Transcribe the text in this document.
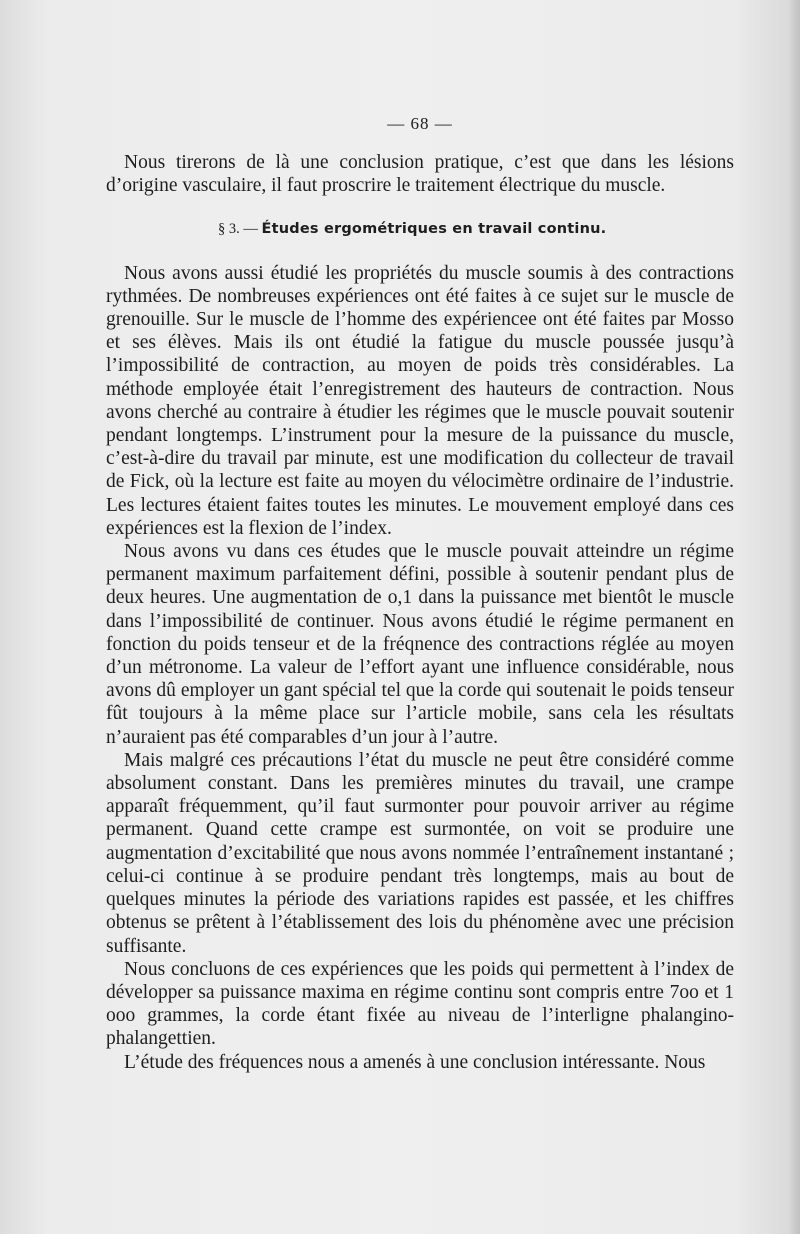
— 68 —

Nous tirerons de là une conclusion pratique, c’est que dans les lésions d’origine vasculaire, il faut proscrire le traitement électrique du muscle.

§ 3. — Études ergométriques en travail continu.

Nous avons aussi étudié les propriétés du muscle soumis à des contractions rythmées. De nombreuses expériences ont été faites à ce sujet sur le muscle de grenouille. Sur le muscle de l’homme des expériencee ont été faites par Mosso et ses élèves. Mais ils ont étudié la fatigue du muscle poussée jusqu’à l’impossibilité de contraction, au moyen de poids très considérables. La méthode employée était l’enregistrement des hauteurs de contraction. Nous avons cherché au contraire à étudier les régimes que le muscle pouvait soutenir pendant longtemps. L’instrument pour la mesure de la puissance du muscle, c’est-à-dire du travail par minute, est une modification du collecteur de travail de Fick, où la lecture est faite au moyen du vélocimètre ordinaire de l’industrie. Les lectures étaient faites toutes les minutes. Le mouvement employé dans ces expériences est la flexion de l’index.

Nous avons vu dans ces études que le muscle pouvait atteindre un régime permanent maximum parfaitement défini, possible à soutenir pendant plus de deux heures. Une augmentation de o,1 dans la puissance met bientôt le muscle dans l’impossibilité de continuer. Nous avons étudié le régime permanent en fonction du poids tenseur et de la fréqnence des contractions réglée au moyen d’un métronome. La valeur de l’effort ayant une influence considérable, nous avons dû employer un gant spécial tel que la corde qui soutenait le poids tenseur fût toujours à la même place sur l’article mobile, sans cela les résultats n’auraient pas été comparables d’un jour à l’autre.

Mais malgré ces précautions l’état du muscle ne peut être considéré comme absolument constant. Dans les premières minutes du travail, une crampe apparaît fréquemment, qu’il faut surmonter pour pouvoir arriver au régime permanent. Quand cette crampe est surmontée, on voit se produire une augmentation d’excitabilité que nous avons nommée l’entraînement instantané ; celui-ci continue à se produire pendant très longtemps, mais au bout de quelques minutes la période des variations rapides est passée, et les chiffres obtenus se prêtent à l’établissement des lois du phénomène avec une précision suffisante.

Nous concluons de ces expériences que les poids qui permettent à l’index de développer sa puissance maxima en régime continu sont compris entre 7oo et 1 ooo grammes, la corde étant fixée au niveau de l’interligne phalangino-phalangettien.

L’étude des fréquences nous a amenés à une conclusion intéressante. Nous
